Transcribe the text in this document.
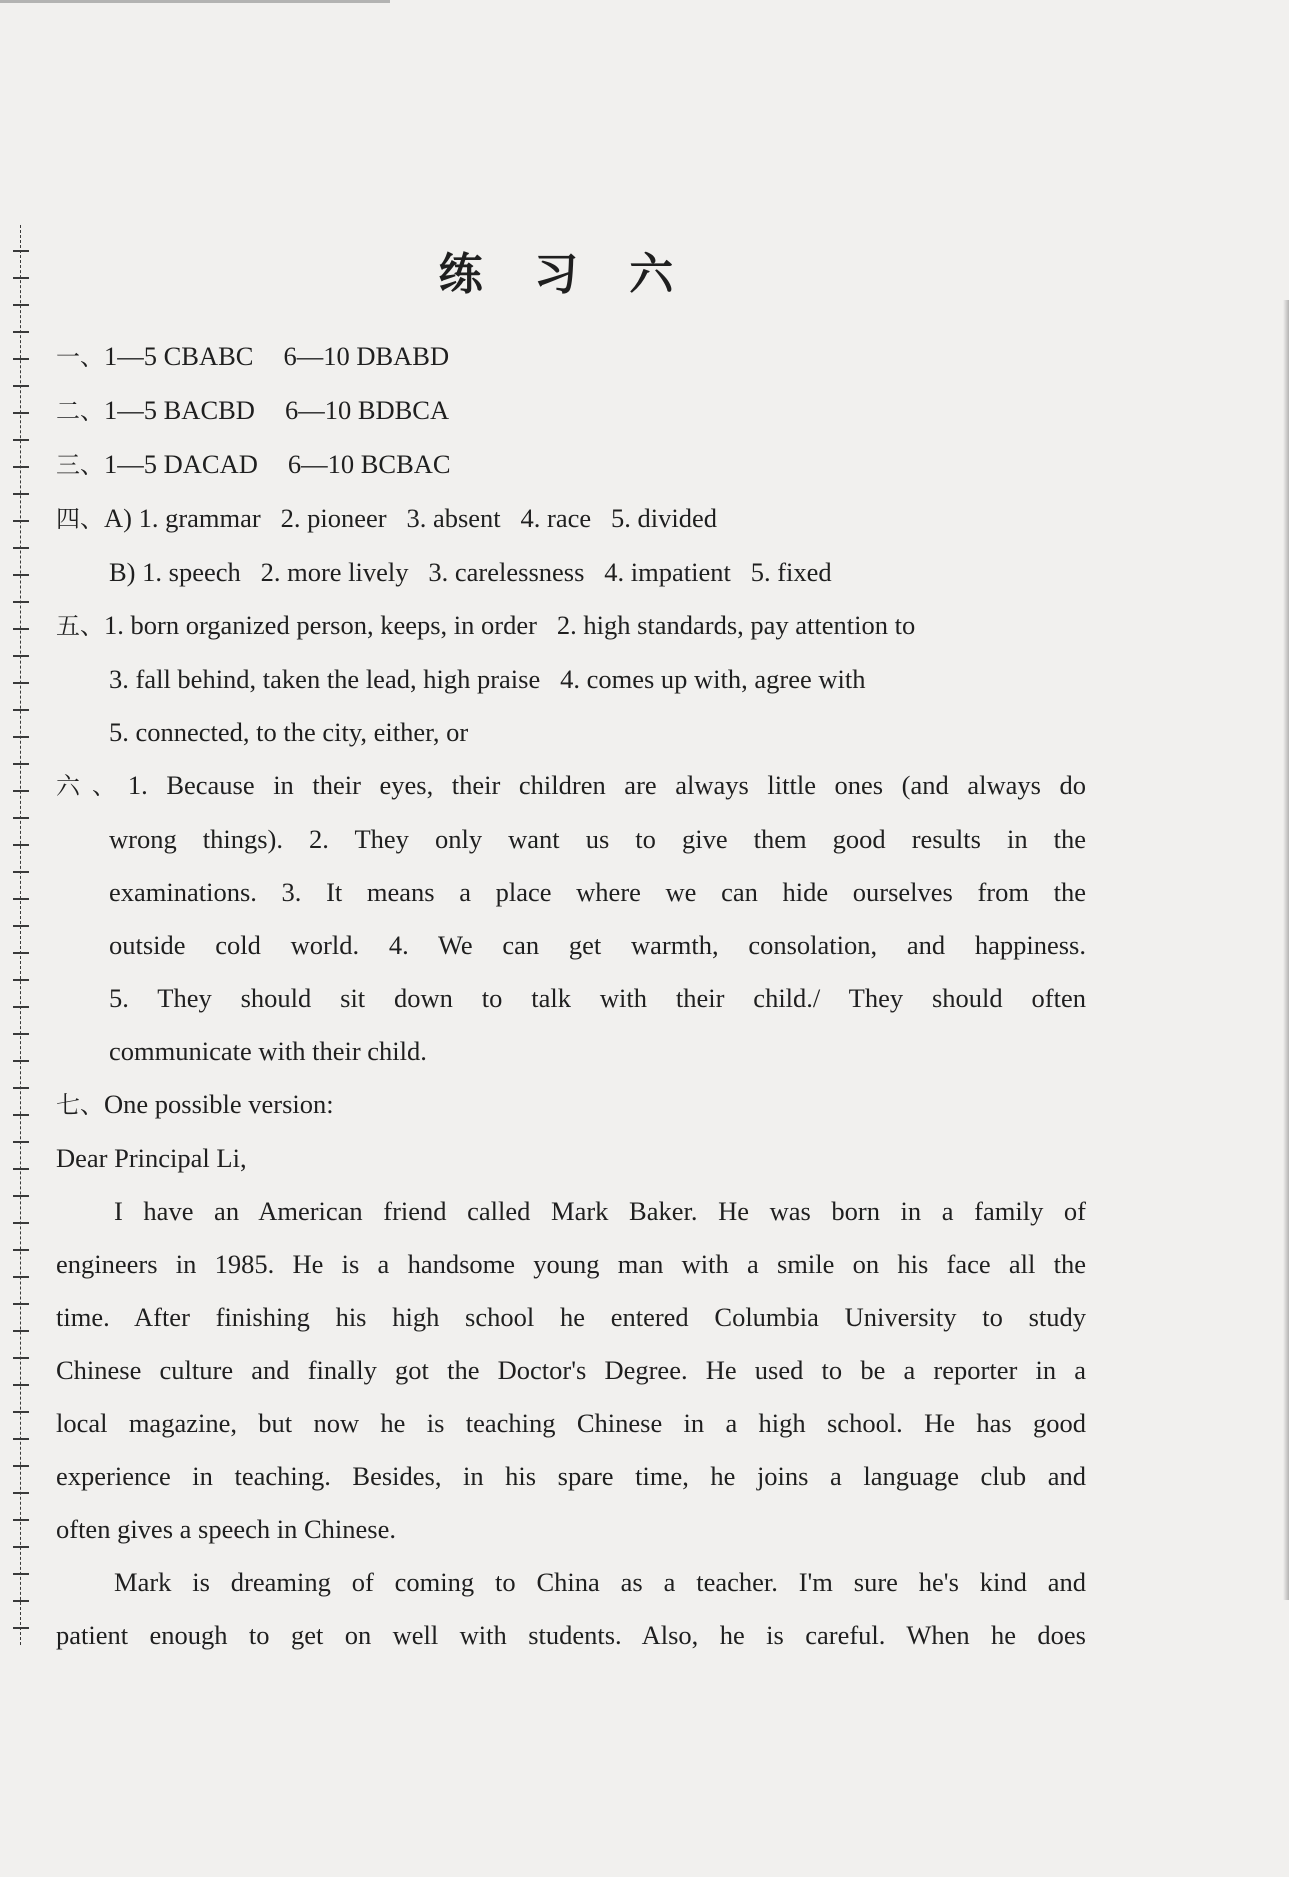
练 习 六
一、1—5 CBABC 6—10 DBABD
二、1—5 BACBD 6—10 BDBCA
三、1—5 DACAD 6—10 BCBAC
四、A) 1. grammar   2. pioneer   3. absent   4. race   5. divided
B) 1. speech   2. more lively   3. carelessness   4. impatient   5. fixed
五、1. born organized person, keeps, in order   2. high standards, pay attention to
3. fall behind, taken the lead, high praise   4. comes up with, agree with
5. connected, to the city, either, or
六、1. Because in their eyes, their children are always little ones (and always do
wrong things). 2. They only want us to give them good results in the
examinations. 3. It means a place where we can hide ourselves from the
outside cold world. 4. We can get warmth, consolation, and happiness.
5. They should sit down to talk with their child./ They should often
communicate with their child.
七、One possible version:
Dear Principal Li,
I have an American friend called Mark Baker. He was born in a family of
engineers in 1985. He is a handsome young man with a smile on his face all the
time. After finishing his high school he entered Columbia University to study
Chinese culture and finally got the Doctor's Degree. He used to be a reporter in a
local magazine, but now he is teaching Chinese in a high school. He has good
experience in teaching. Besides, in his spare time, he joins a language club and
often gives a speech in Chinese.
Mark is dreaming of coming to China as a teacher. I'm sure he's kind and
patient enough to get on well with students. Also, he is careful. When he does
